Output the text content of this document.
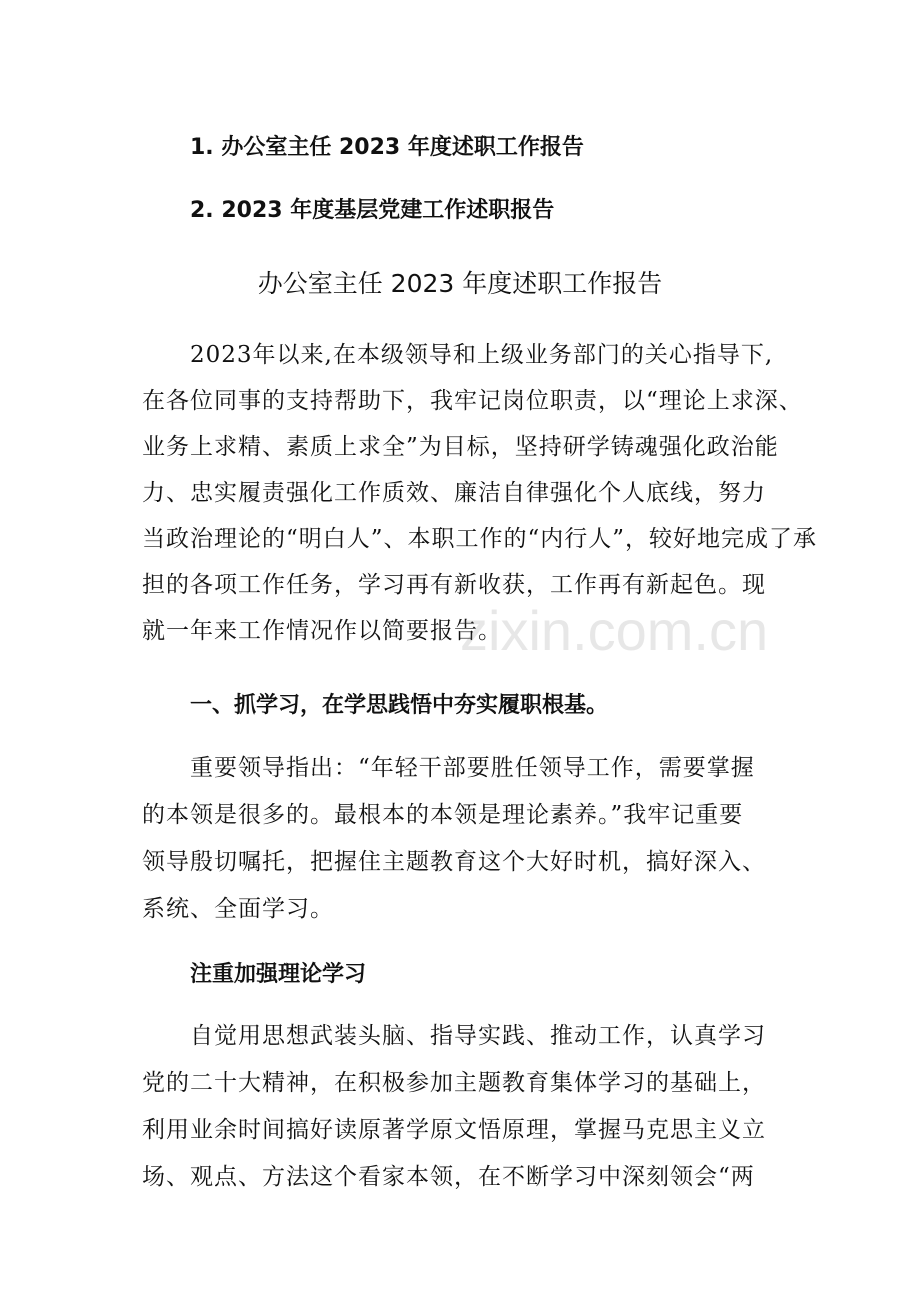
1. 办公室主任 2023 年度述职工作报告
2. 2023 年度基层党建工作述职报告
办公室主任 2023 年度述职工作报告
2023年以来,在本级领导和上级业务部门的关心指导下,
在各位同事的支持帮助下，我牢记岗位职责，以“理论上求深、
业务上求精、素质上求全”为目标，坚持研学铸魂强化政治能
力、忠实履责强化工作质效、廉洁自律强化个人底线，努力
当政治理论的“明白人”、本职工作的“内行人”，较好地完成了承
担的各项工作任务，学习再有新收获，工作再有新起色。现
就一年来工作情况作以简要报告。
一、抓学习，在学思践悟中夯实履职根基。
重要领导指出：“年轻干部要胜任领导工作，需要掌握
的本领是很多的。最根本的本领是理论素养。”我牢记重要
领导殷切嘱托，把握住主题教育这个大好时机，搞好深入、
系统、全面学习。
注重加强理论学习
自觉用思想武装头脑、指导实践、推动工作，认真学习
党的二十大精神，在积极参加主题教育集体学习的基础上，
利用业余时间搞好读原著学原文悟原理，掌握马克思主义立
场、观点、方法这个看家本领，在不断学习中深刻领会“两
zixin.com.cn
